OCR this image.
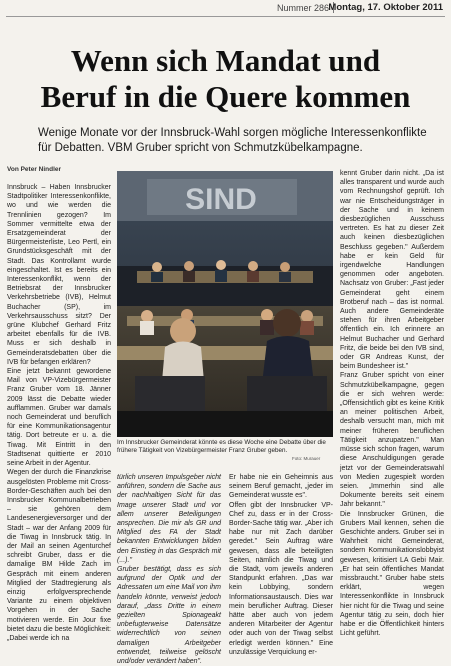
Nummer 286 Montag, 17. Oktober 2011
Wenn sich Mandat und
Beruf in die Quere kommen
Wenige Monate vor der Innsbruck-Wahl sorgen mögliche Interessenkonflikte für Debatten. VBM Gruber spricht von Schmutzkübelkampagne.
Von Peter Nindler
Innsbruck – Haben Innsbrucker Stadtpolitiker Interessenkonflikte, wo und wie werden die Trennlinien gezogen? Im Sommer vermittelte etwa der Ersatzgemeinderat der Bürgermeisterliste, Leo Pertl, ein Grundstücksgeschäft mit der Stadt. Das Kontrollamt wurde eingeschaltet. Ist es bereits ein Interessenkonflikt, wenn der Betriebsrat der Innsbrucker Verkehrsbetriebe (IVB), Helmut Buchacher (SP), im Verkehrsausschuss sitzt? Der grüne Klubchef Gerhard Fritz arbeitet ebenfalls für die IVB. Muss er sich deshalb in Gemeinderatsdebatten über die IVB für befangen erklären?
Eine jetzt bekannt gewordene Mail von VP-Vizebürgermeister Franz Gruber vom 18. Jänner 2009 lässt die Debatte wieder aufflammen. Gruber war damals noch Gemeinderat und beruflich für eine Kommunikationsagentur tätig. Dort betreute er u. a. die Tiwag. Mit Eintritt in den Stadtsenat quittierte er 2010 seine Arbeit in der Agentur.
Wegen der durch die Finanzkrise ausgelösten Probleme mit Cross-Border-Geschäften auch bei den Innsbrucker Kommunalbetrieben – sie gehören dem Landesenergieversorger und der Stadt – war der Anfang 2009 für die Tiwag in Innsbruck tätig. In der Mail an seinen Agenturchef schreibt Gruber, dass er die damalige BM Hilde Zach im Gespräch mit einem anderen Mitglied der Stadtregierung als einzig erfolgversprechende Variante zu einem objektiven Vorgehen in der Sache motivieren werde. Ein Jour fixe bietet dazu die beste Möglichkeit: „Dabei werde ich na
SIND
Im Innsbrucker Gemeinderat könnte es diese Woche eine Debatte über die frühere Tätigkeit von Vizebürgermeister Franz Gruber geben.
Foto: Murauer
türlich unseren Impulsgeber nicht anführen, sondern die Sache aus der nachhaltigen Sicht für das Image unserer Stadt und vor allem unserer Beteiligungen ansprechen. Die mir als GR und Mitglied des FA der Stadt bekannten Entwicklungen bilden den Einstieg in das Gespräch mit (...)."
Gruber bestätigt, dass es sich aufgrund der Optik und der Adressaten um eine Mail von ihm handeln könnte, verweist jedoch darauf, „dass Dritte in einem gezielten Spionageakt unbefugterweise Datensätze widerrechtlich von seinen damaligen Arbeitgeber entwendet, teilweise gelöscht und/oder verändert haben".
Er habe nie ein Geheimnis aus seinem Beruf gemacht, „jeder im Gemeinderat wusste es".
Offen gibt der Innsbrucker VP-Chef zu, dass er in der Cross-Border-Sache tätig war. „Aber ich habe nur mit Zach darüber geredet." Sein Auftrag wäre gewesen, dass alle beteiligten Seiten, nämlich die Tiwag und die Stadt, vom jeweils anderen Standpunkt erfahren. „Das war kein Lobbying, sondern Informationsaustausch. Dies war mein beruflicher Auftrag. Dieser hätte aber auch von jedem anderen Mitarbeiter der Agentur oder auch von der Tiwag selbst erledigt werden können." Eine unzulässige Verquickung er-
kennt Gruber darin nicht. „Da ist alles transparent und wurde auch vom Rechnungshof geprüft. Ich war nie Entscheidungsträger in der Sache und in keinem diesbezüglichen Ausschuss vertreten. Es hat zu dieser Zeit auch keinen diesbezüglichen Beschluss gegeben." Außerdem habe er kein Geld für irgendwelche Handlungen genommen oder angeboten. Nachsatz von Gruber: „Fast jeder Gemeinderat geht einem Brotberuf nach – das ist normal. Auch andere Gemeinderäte stehen für ihren Arbeitgeber öffentlich ein. Ich erinnere an Helmut Buchacher und Gerhard Fritz, die beide bei den IVB sind, oder GR Andreas Kunst, der beim Bundesheer ist."
Franz Gruber spricht von einer Schmutzkübelkampagne, gegen die er sich wehren werde: „Offensichtlich gibt es keine Kritik an meiner politischen Arbeit, deshalb versucht man, mich mit meiner früheren beruflichen Tätigkeit anzupatzen." Man müsse sich schon fragen, warum diese Anschuldigungen gerade jetzt vor der Gemeinderatswahl von Medien zugespielt worden seien. „Immerhin sind alle Dokumente bereits seit einem Jahr bekannt."
Die Innsbrucker Grünen, die Grubers Mail kennen, sehen die Geschichte anders. Gruber sei in Wahrheit nicht Gemeinderat, sondern Kommunikationslobbyist gewesen, kritisiert LA Gebi Mair. „Er hat sein öffentliches Mandat missbraucht." Gruber habe stets erklärt, wegen Interessenkonflikte in Innsbruck hier nicht für die Tiwag und seine Agentur tätig zu sein, doch hier habe er die Öffentlichkeit hinters Licht geführt.
